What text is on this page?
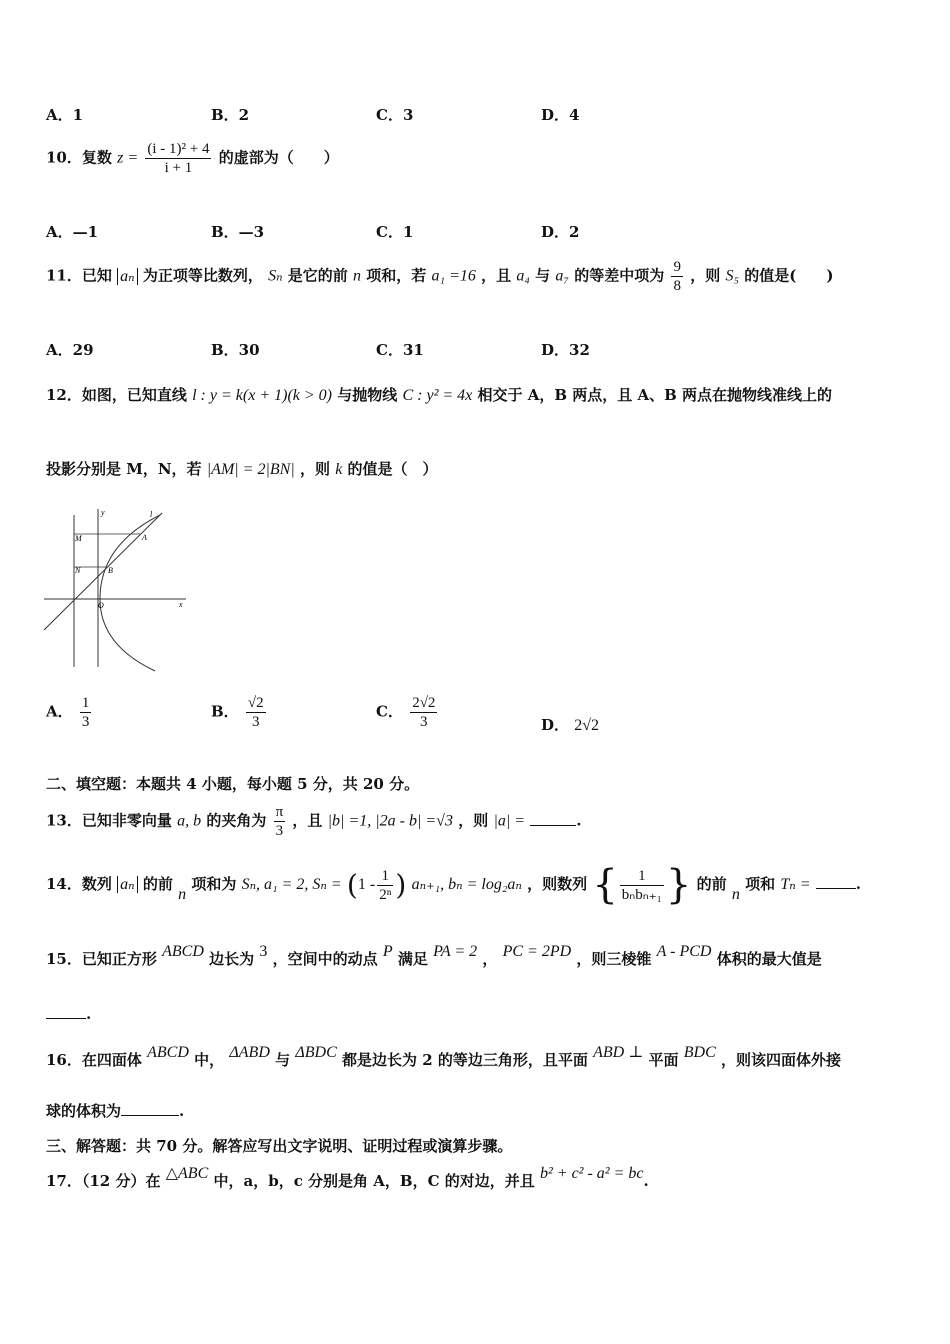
A．1	B．2	C．3	D．4
10．复数 $z = \frac{\text{(i - 1)² + 4}}{i + 1}$ 的虚部为（　　）
A．—1	B．—3	C．1	D．2
11．已知 aₙ 为正项等比数列， Sₙ 是它的前 n 项和，若 a₁ =16 ，且 a₄ 与 a₇ 的等差中项为 $\frac{9}{8}$ ，则 S₅ 的值是(　　)
A．29	B．30	C．31	D．32
12．如图，已知直线 l : y = k(x + 1)(k > 0) 与抛物线 C : y² = 4x 相交于 A，B 两点，且 A、B 两点在抛物线准线上的
投影分别是 M，N，若 |AM| = 2|BN| ，则 k 的值是（　）
y
x
O
M
N
A
B
l
A． $\frac{1}{3}$	B． $\frac{√2}{3}$	C． $\frac{2√2}{3}$	D． 2√2
二、填空题：本题共 4 小题，每小题 5 分，共 20 分。
13．已知非零向量 a, b 的夹角为 $\frac{\pi}{3}$ ，且 |b| =1, |2a - b| =√3 ，则 |a| =	.
14．数列 aₙ 的前 n 项和为 Sₙ, a₁ = 2, $S_n = (1 - \frac{1}{\text{2ⁿ}}$ ) aₙ₊₁, bₙ = log₂aₙ ，则数列 { $\frac{1}{\text{bₙbₙ₊₁}}$ } 的前 n 项和 Tₙ =	.
15．已知正方形 ABCD 边长为 3 ，空间中的动点 P 满足 PA = 2 ， PC = 2PD ，则三棱锥 A - PCD 体积的最大值是
.
16．在四面体 ABCD 中， ΔABD 与 ΔBDC 都是边长为 2 的等边三角形，且平面 ABD ⊥ 平面 BDC ，则该四面体外接
球的体积为	.
三、解答题：共 70 分。解答应写出文字说明、证明过程或演算步骤。
17．（12 分）在 △ABC 中，a，b，c 分别是角 A，B，C 的对边，并且 b² + c² - a² = bc.
